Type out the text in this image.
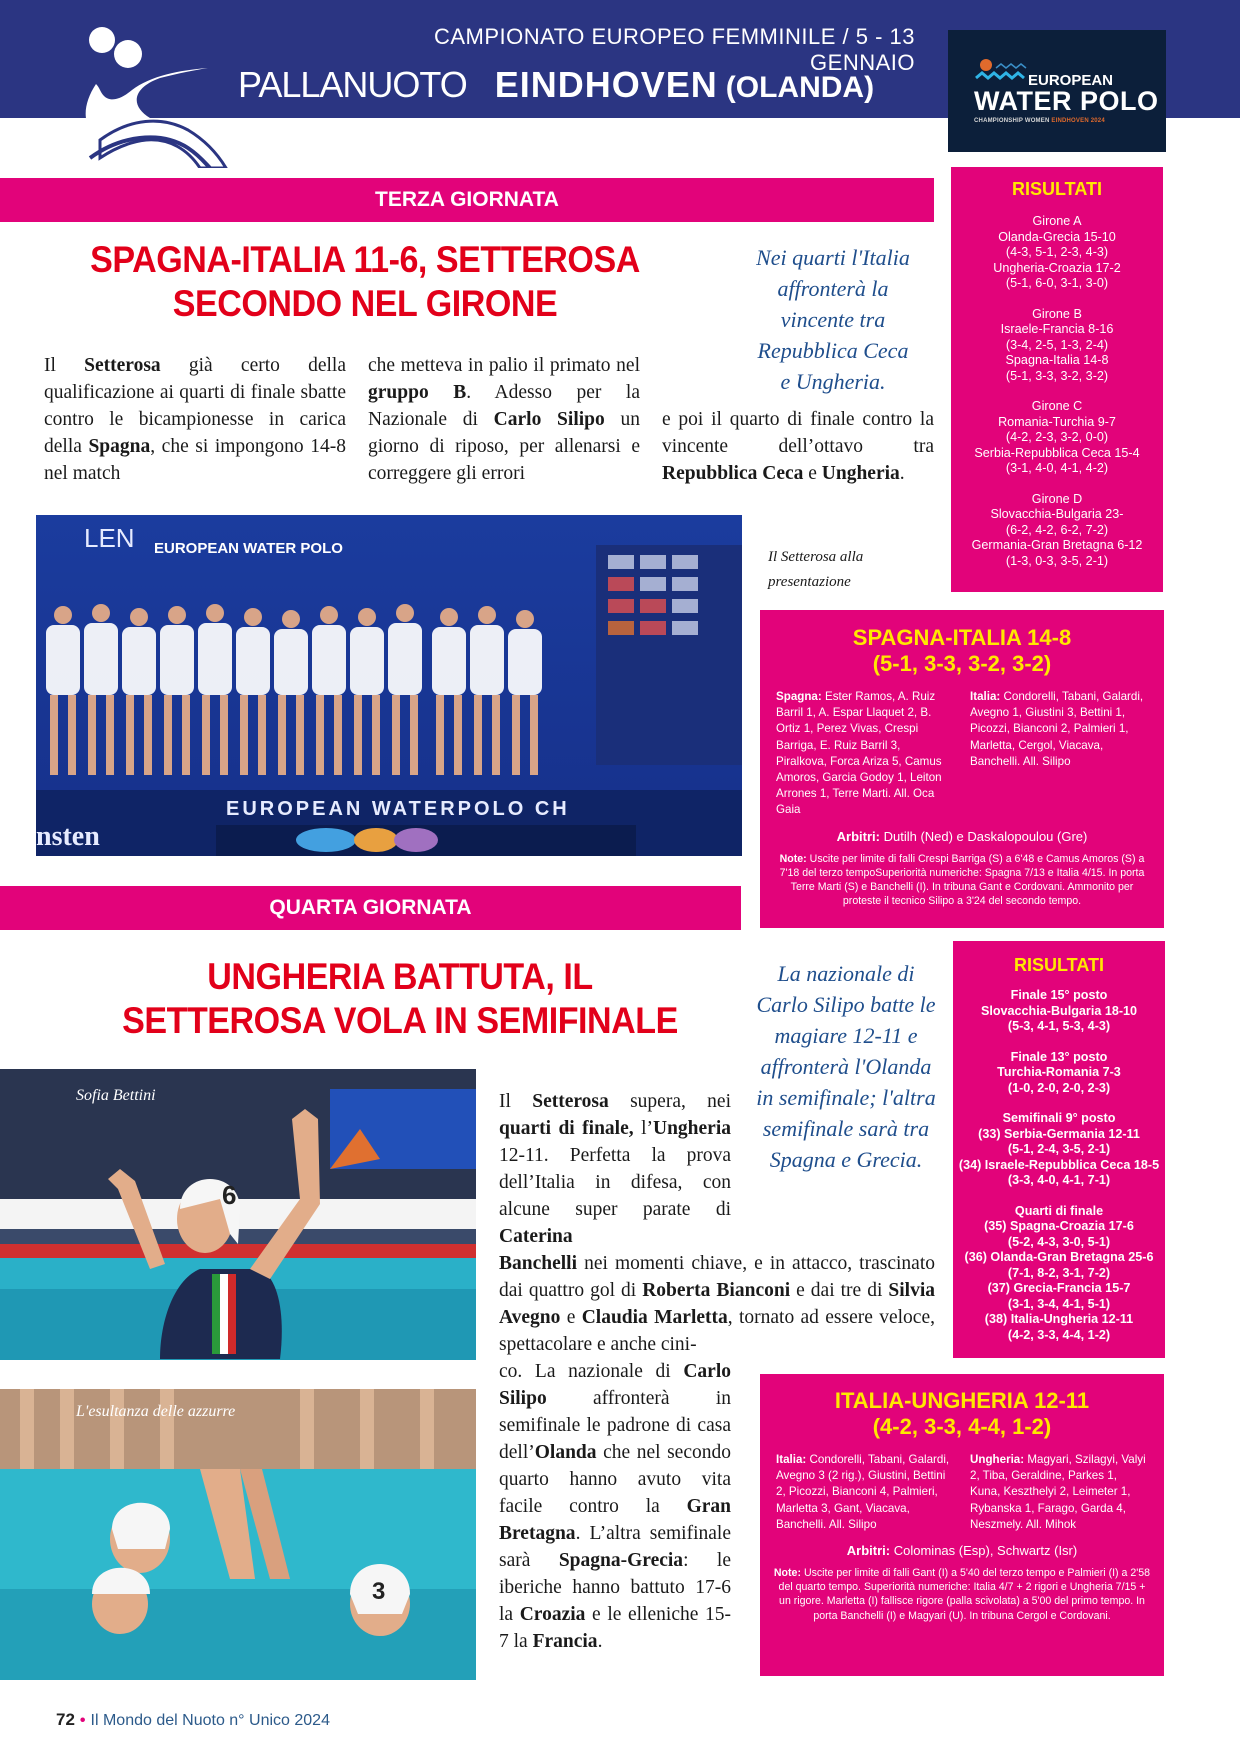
CAMPIONATO EUROPEO FEMMINILE / 5 - 13 GENNAIO
PALLANUOTO EINDHOVEN (OLANDA)	EUROPEAN
WATER POLO
CHAMPIONSHIP WOMEN EINDHOVEN 2024
TERZA GIORNATA
SPAGNA-ITALIA 11-6, SETTEROSA
SECONDO NEL GIRONE
Nei quarti l'Italia affronterà la vincente tra Repubblica Ceca e Ungheria.
Il Setterosa già certo della qualificazione ai quarti di finale sbatte contro le bicampionesse in carica della Spagna, che si impongono 14-8 nel match
che metteva in palio il primato nel gruppo B. Adesso per la Nazionale di Carlo Silipo un giorno di riposo, per allenarsi e correggere gli errori
e poi il quarto di finale contro la vincente dell’ottavo tra Repubblica Ceca e Ungheria.
EUROPEAN WATERPOLO CH
nsten
LEN EUROPEAN WATER POLO	Il Setterosa alla presentazione
RISULTATI
Girone A
Olanda-Grecia 15-10
(4-3, 5-1, 2-3, 4-3)
Ungheria-Croazia 17-2
(5-1, 6-0, 3-1, 3-0)
Girone B
Israele-Francia 8-16
(3-4, 2-5, 1-3, 2-4)
Spagna-Italia 14-8
(5-1, 3-3, 3-2, 3-2)
Girone C
Romania-Turchia 9-7
(4-2, 2-3, 3-2, 0-0)
Serbia-Repubblica Ceca 15-4
(3-1, 4-0, 4-1, 4-2)
Girone D
Slovacchia-Bulgaria 23-
(6-2, 4-2, 6-2, 7-2)
Germania-Gran Bretagna 6-12
(1-3, 0-3, 3-5, 2-1)
SPAGNA-ITALIA 14-8
(5-1, 3-3, 3-2, 3-2)
Spagna: Ester Ramos, A. Ruiz Barril 1, A. Espar Llaquet 2, B. Ortiz 1, Perez Vivas, Crespi Barriga, E. Ruiz Barril 3, Piralkova, Forca Ariza 5, Camus Amoros, Garcia Godoy 1, Leiton Arrones 1, Terre Marti. All. Oca Gaia
Italia: Condorelli, Tabani, Galardi, Avegno 1, Giustini 3, Bettini 1, Picozzi, Bianconi 2, Palmieri 1, Marletta, Cergol, Viacava, Banchelli. All. Silipo
Arbitri: Dutilh (Ned) e Daskalopoulou (Gre)
Note: Uscite per limite di falli Crespi Barriga (S) a 6'48 e Camus Amoros (S) a 7'18 del terzo tempoSuperiorità numeriche: Spagna 7/13 e Italia 4/15. In porta Terre Marti (S) e Banchelli (I). In tribuna Gant e Cordovani. Ammonito per proteste il tecnico Silipo a 3'24 del secondo tempo.
QUARTA GIORNATA
UNGHERIA BATTUTA, IL
SETTEROSA VOLA IN SEMIFINALE
La nazionale di Carlo Silipo batte le magiare 12-11 e affronterà l'Olanda in semifinale; l'altra semifinale sarà tra Spagna e Grecia.
Il Setterosa supera, nei quarti di finale, l’Ungheria 12-11. Perfetta la prova dell’Italia in difesa, con alcune super parate di Caterina
Banchelli nei momenti chiave, e in attacco, trascinato dai quattro gol di Roberta Bianconi e dai tre di Silvia Avegno e Claudia Marletta, tornato ad essere veloce, spettacolare e anche cini-
co. La nazionale di Carlo Silipo affronterà in semifinale le padrone di casa dell’Olanda che nel secondo quarto hanno avuto vita facile contro la Gran Bretagna. L’altra semifinale sarà Spagna-Grecia: le iberiche hanno battuto 17-6 la Croazia e le elleniche 15-7 la Francia.
6
Sofia Bettini
3
L'esultanza delle azzurre
RISULTATI
Finale 15° posto
Slovacchia-Bulgaria 18-10
(5-3, 4-1, 5-3, 4-3)
Finale 13° posto
Turchia-Romania 7-3
(1-0, 2-0, 2-0, 2-3)
Semifinali 9° posto
(33) Serbia-Germania 12-11
(5-1, 2-4, 3-5, 2-1)
(34) Israele-Repubblica Ceca 18-5
(3-3, 4-0, 4-1, 7-1)
Quarti di finale
(35) Spagna-Croazia 17-6
(5-2, 4-3, 3-0, 5-1)
(36) Olanda-Gran Bretagna 25-6
(7-1, 8-2, 3-1, 7-2)
(37) Grecia-Francia 15-7
(3-1, 3-4, 4-1, 5-1)
(38) Italia-Ungheria 12-11
(4-2, 3-3, 4-4, 1-2)
ITALIA-UNGHERIA 12-11
(4-2, 3-3, 4-4, 1-2)
Italia: Condorelli, Tabani, Galardi, Avegno 3 (2 rig.), Giustini, Bettini 2, Picozzi, Bianconi 4, Palmieri, Marletta 3, Gant, Viacava, Banchelli. All. Silipo
Ungheria: Magyari, Szilagyi, Valyi 2, Tiba, Geraldine, Parkes 1, Kuna, Keszthelyi 2, Leimeter 1, Rybanska 1, Farago, Garda 4, Neszmely. All. Mihok
Arbitri: Colominas (Esp), Schwartz (Isr)
Note: Uscite per limite di falli Gant (I) a 5'40 del terzo tempo e Palmieri (I) a 2'58 del quarto tempo. Superiorità numeriche: Italia 4/7 + 2 rigori e Ungheria 7/15 + un rigore. Marletta (I) fallisce rigore (palla scivolata) a 5'00 del primo tempo. In porta Banchelli (I) e Magyari (U). In tribuna Cergol e Cordovani.
72 • Il Mondo del Nuoto n° Unico 2024
